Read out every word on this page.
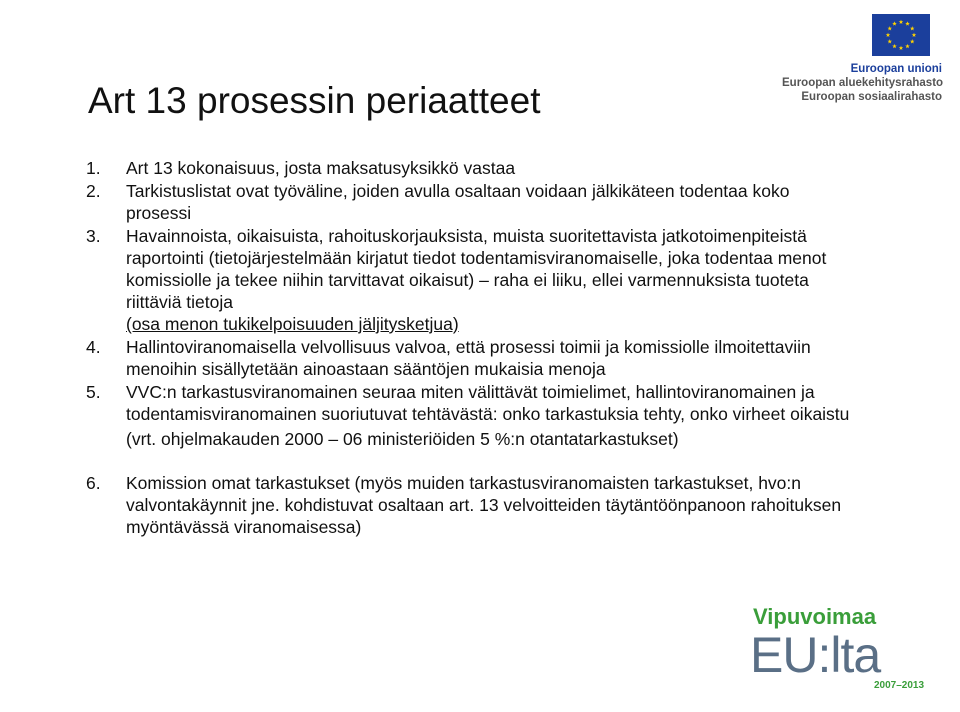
Euroopan unioni
Euroopan aluekehitysrahasto
Euroopan sosiaalirahasto
Art 13 prosessin periaatteet
1.	Art 13 kokonaisuus, josta maksatusyksikkö vastaa
2.	Tarkistuslistat ovat työväline, joiden avulla osaltaan voidaan jälkikäteen todentaa koko prosessi
3.	Havainnoista, oikaisuista, rahoituskorjauksista, muista suoritettavista jatkotoimenpiteistä raportointi (tietojärjestelmään kirjatut tiedot todentamisviranomaiselle, joka todentaa menot komissiolle ja tekee niihin tarvittavat oikaisut) – raha ei liiku, ellei varmennuksista tuoteta riittäviä tietoja
(osa menon tukikelpoisuuden jäljitysketjua)
4.	Hallintoviranomaisella velvollisuus valvoa, että prosessi toimii ja komissiolle ilmoitettaviin menoihin sisällytetään ainoastaan sääntöjen mukaisia menoja
5.	VVC:n tarkastusviranomainen seuraa miten välittävät toimielimet, hallintoviranomainen ja todentamisviranomainen suoriutuvat tehtävästä: onko tarkastuksia tehty, onko virheet oikaistu
(vrt. ohjelmakauden 2000 – 06 ministeriöiden 5 %:n otantatarkastukset)
6.	Komission omat tarkastukset (myös muiden tarkastusviranomaisten tarkastukset, hvo:n valvontakäynnit jne. kohdistuvat osaltaan art. 13 velvoitteiden täytäntöönpanoon rahoituksen myöntävässä viranomaisessa)
Vipuvoimaa
EU:lta
2007–2013
